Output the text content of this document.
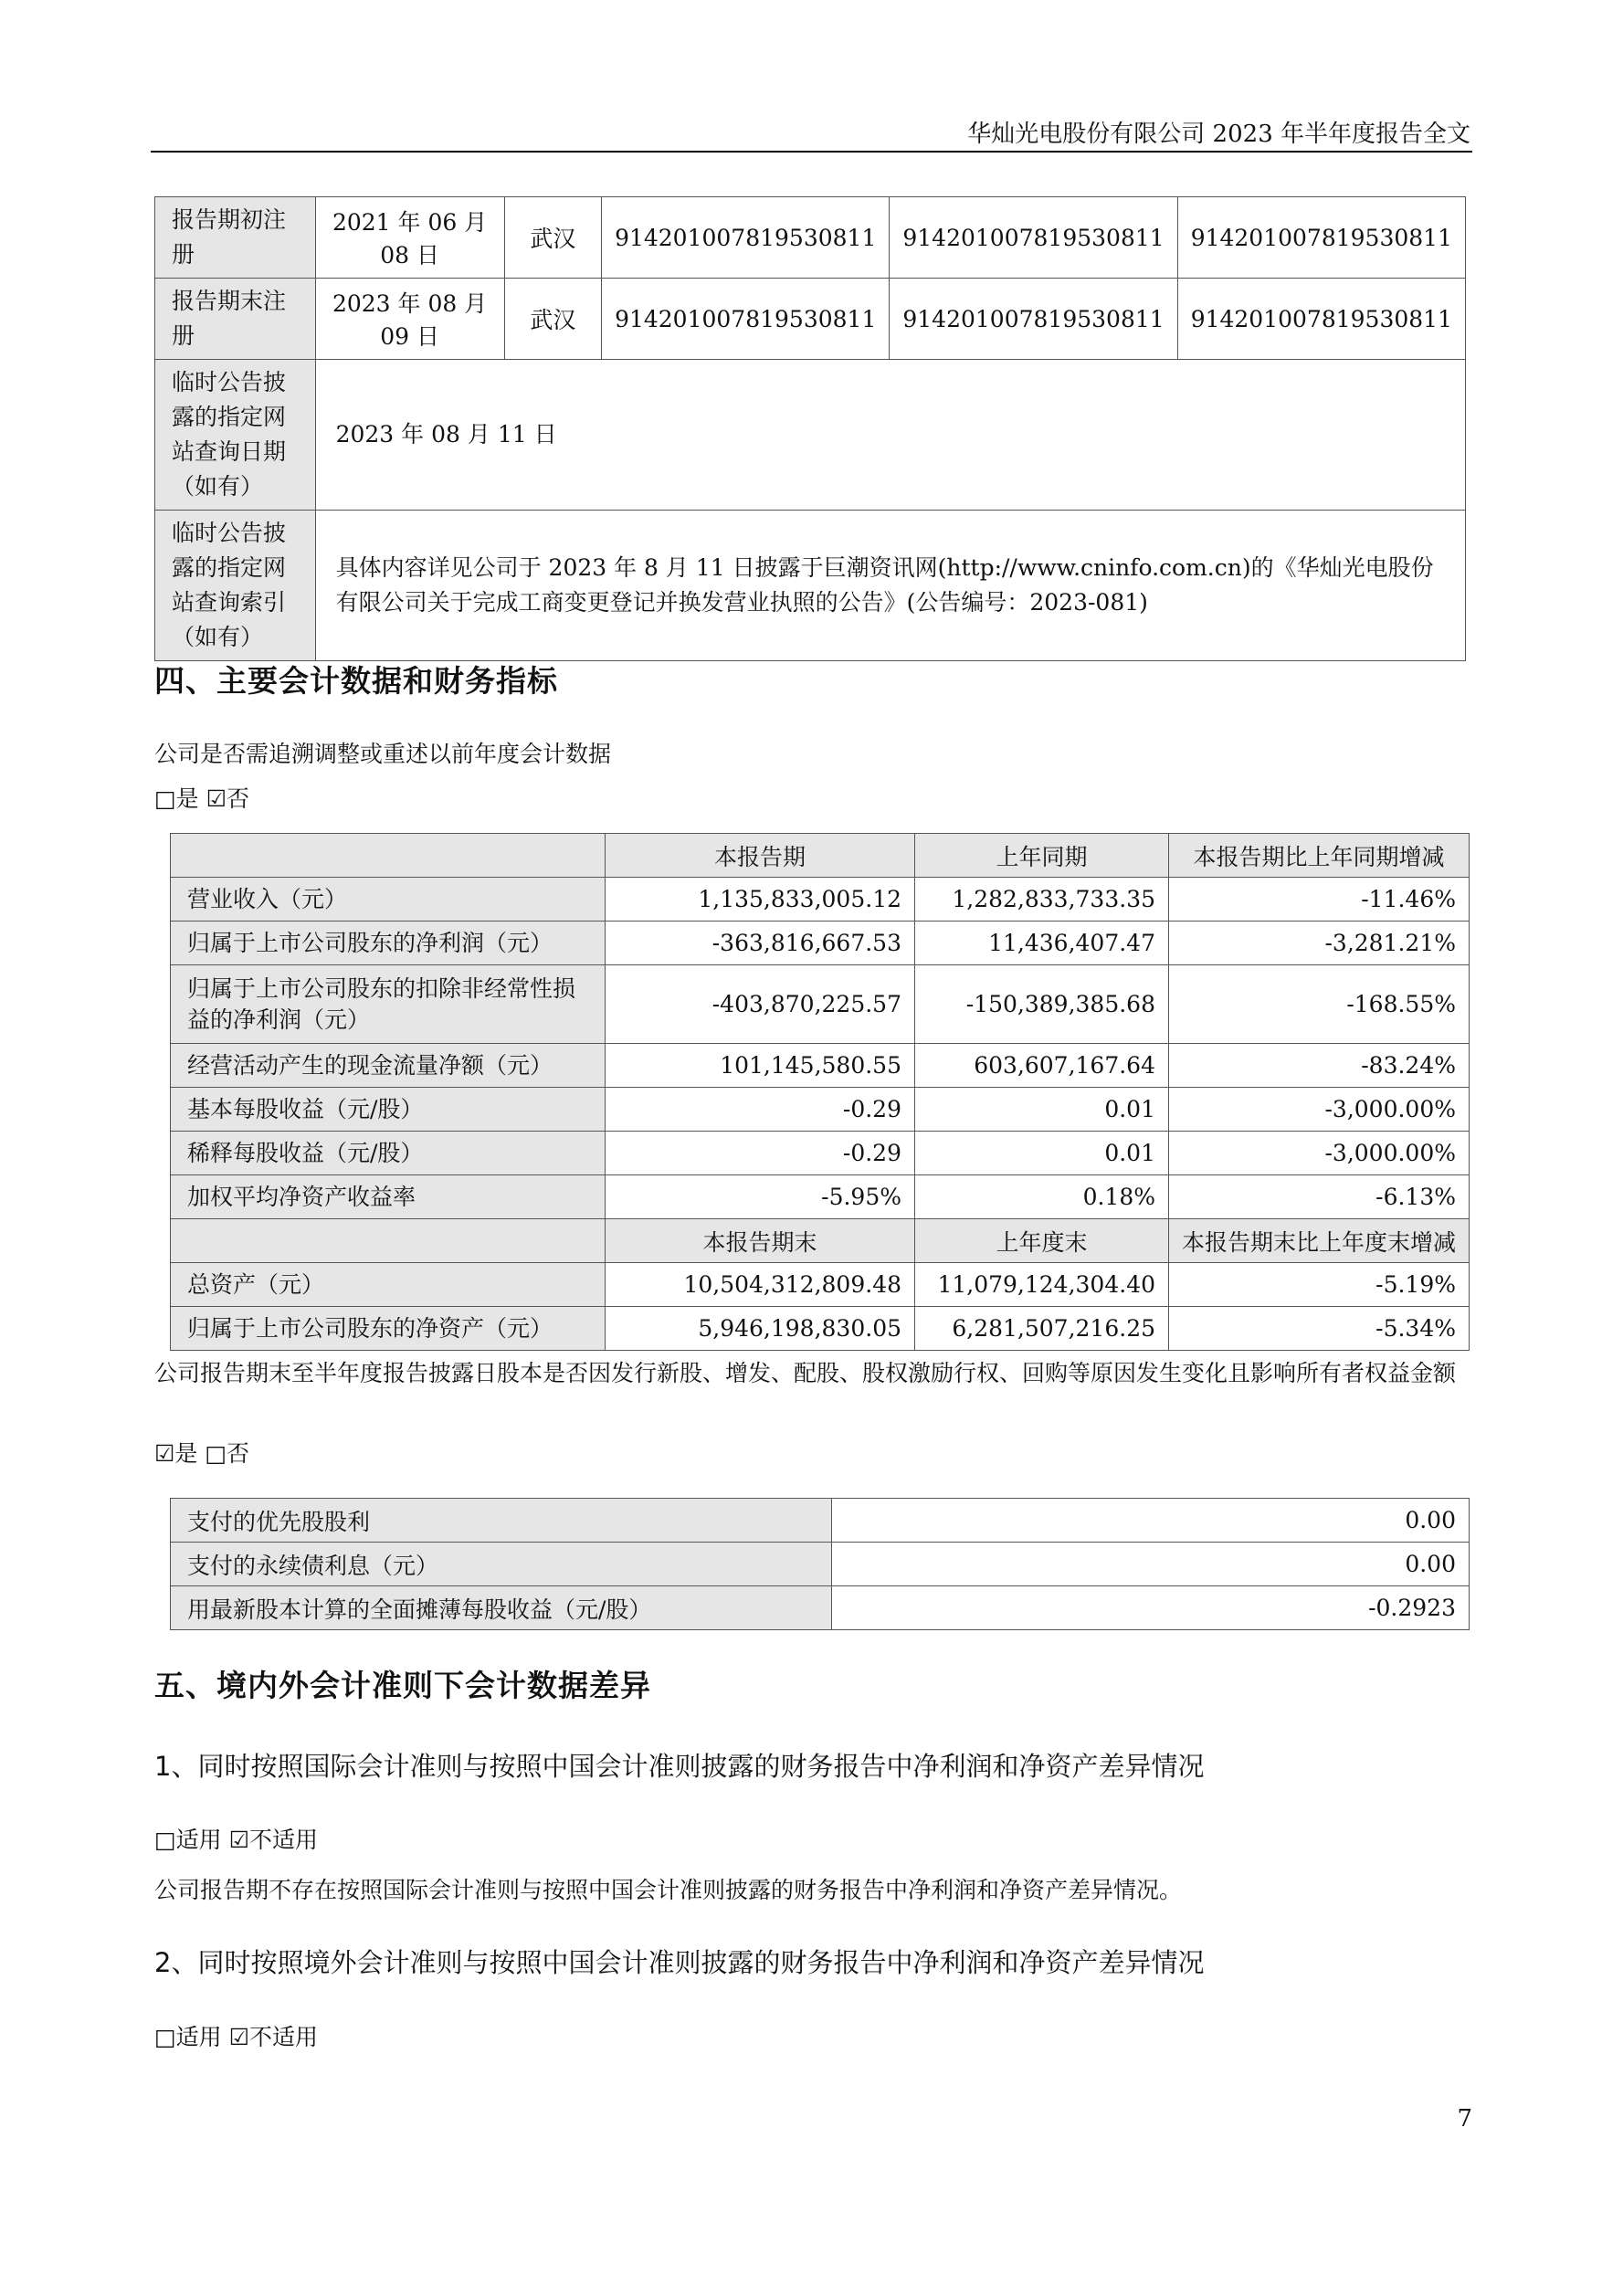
华灿光电股份有限公司 2023 年半年度报告全文
报告期初注册	2021 年 06 月 08 日	武汉	914201007819530811	914201007819530811	914201007819530811
报告期末注册	2023 年 08 月 09 日	武汉	914201007819530811	914201007819530811	914201007819530811
临时公告披露的指定网站查询日期（如有）	2023 年 08 月 11 日				
临时公告披露的指定网站查询索引（如有）	具体内容详见公司于 2023 年 8 月 11 日披露于巨潮资讯网(http://www.cninfo.com.cn)的《华灿光电股份有限公司关于完成工商变更登记并换发营业执照的公告》(公告编号：2023-081)				
四、主要会计数据和财务指标
公司是否需追溯调整或重述以前年度会计数据
□是 ☑否
	本报告期	上年同期	本报告期比上年同期增减
营业收入（元）	1,135,833,005.12	1,282,833,733.35	-11.46%
归属于上市公司股东的净利润（元）	-363,816,667.53	11,436,407.47	-3,281.21%
归属于上市公司股东的扣除非经常性损益的净利润（元）	-403,870,225.57	-150,389,385.68	-168.55%
经营活动产生的现金流量净额（元）	101,145,580.55	603,607,167.64	-83.24%
基本每股收益（元/股）	-0.29	0.01	-3,000.00%
稀释每股收益（元/股）	-0.29	0.01	-3,000.00%
加权平均净资产收益率	-5.95%	0.18%	-6.13%
	本报告期末	上年度末	本报告期末比上年度末增减
总资产（元）	10,504,312,809.48	11,079,124,304.40	-5.19%
归属于上市公司股东的净资产（元）	5,946,198,830.05	6,281,507,216.25	-5.34%
公司报告期末至半年度报告披露日股本是否因发行新股、增发、配股、股权激励行权、回购等原因发生变化且影响所有者权益金额
☑是 □否
支付的优先股股利	0.00
支付的永续债利息（元）	0.00
用最新股本计算的全面摊薄每股收益（元/股）	-0.2923
五、境内外会计准则下会计数据差异
1、同时按照国际会计准则与按照中国会计准则披露的财务报告中净利润和净资产差异情况
□适用 ☑不适用
公司报告期不存在按照国际会计准则与按照中国会计准则披露的财务报告中净利润和净资产差异情况。
2、同时按照境外会计准则与按照中国会计准则披露的财务报告中净利润和净资产差异情况
□适用 ☑不适用
7
